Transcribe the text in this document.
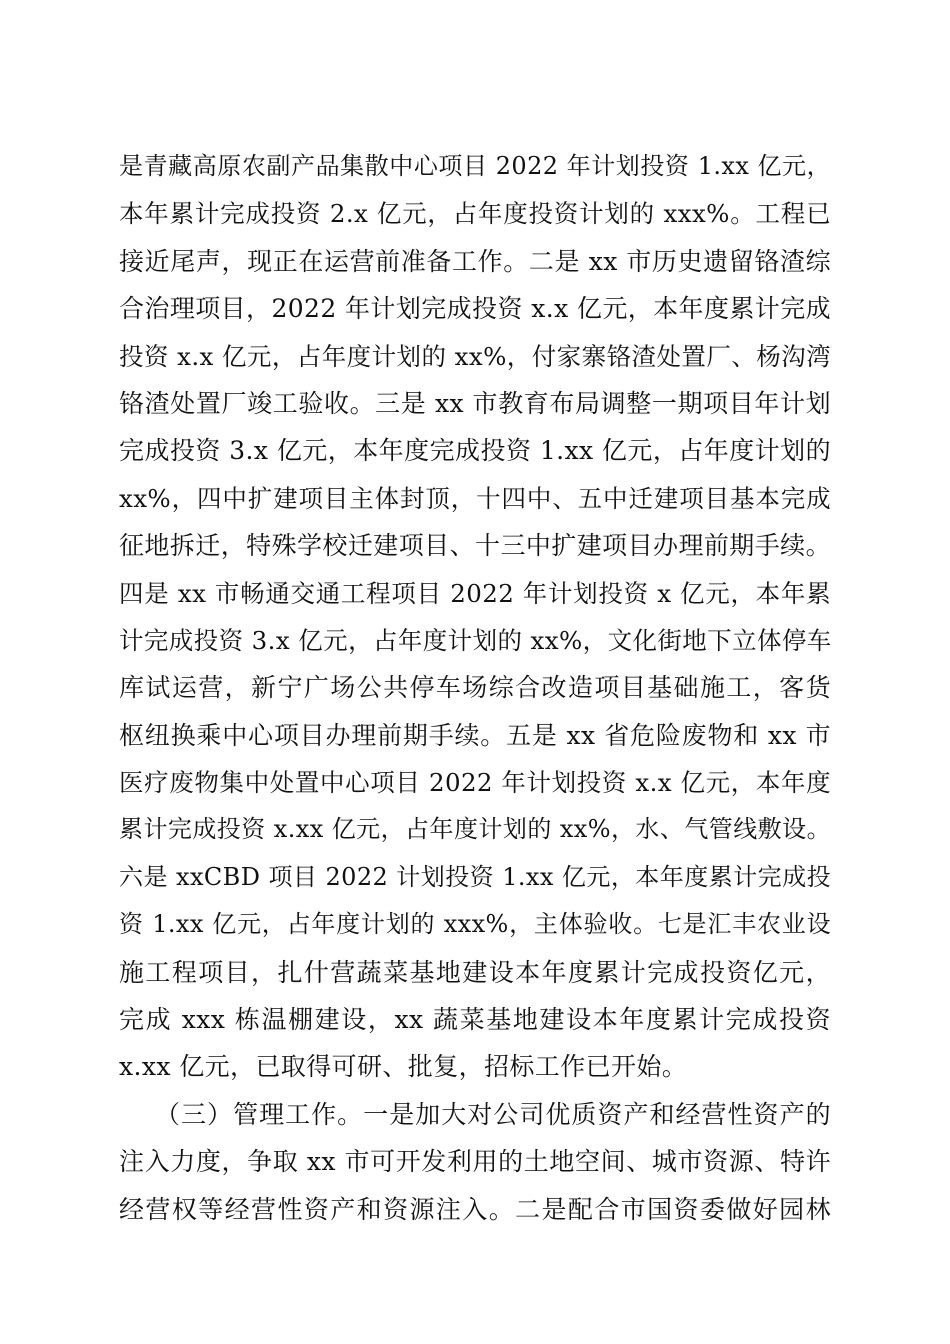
是青藏高原农副产品集散中心项目 2022 年计划投资 1.xx 亿元，
本年累计完成投资 2.x 亿元，占年度投资计划的 xxx%。工程已
接近尾声，现正在运营前准备工作。二是 xx 市历史遗留铬渣综
合治理项目，2022 年计划完成投资 x.x 亿元，本年度累计完成
投资 x.x 亿元，占年度计划的 xx%，付家寨铬渣处置厂、杨沟湾
铬渣处置厂竣工验收。三是 xx 市教育布局调整一期项目年计划
完成投资 3.x 亿元，本年度完成投资 1.xx 亿元，占年度计划的
xx%，四中扩建项目主体封顶，十四中、五中迁建项目基本完成
征地拆迁，特殊学校迁建项目、十三中扩建项目办理前期手续。
四是 xx 市畅通交通工程项目 2022 年计划投资 x 亿元，本年累
计完成投资 3.x 亿元，占年度计划的 xx%，文化街地下立体停车
库试运营，新宁广场公共停车场综合改造项目基础施工，客货
枢纽换乘中心项目办理前期手续。五是 xx 省危险废物和 xx 市
医疗废物集中处置中心项目 2022 年计划投资 x.x 亿元，本年度
累计完成投资 x.xx 亿元，占年度计划的 xx%，水、气管线敷设。
六是 xxCBD 项目 2022 计划投资 1.xx 亿元，本年度累计完成投
资 1.xx 亿元，占年度计划的 xxx%，主体验收。七是汇丰农业设
施工程项目，扎什营蔬菜基地建设本年度累计完成投资亿元，
完成 xxx 栋温棚建设，xx 蔬菜基地建设本年度累计完成投资
x.xx 亿元，已取得可研、批复，招标工作已开始。
（三）管理工作。一是加大对公司优质资产和经营性资产的
注入力度，争取 xx 市可开发利用的土地空间、城市资源、特许
经营权等经营性资产和资源注入。二是配合市国资委做好园林
